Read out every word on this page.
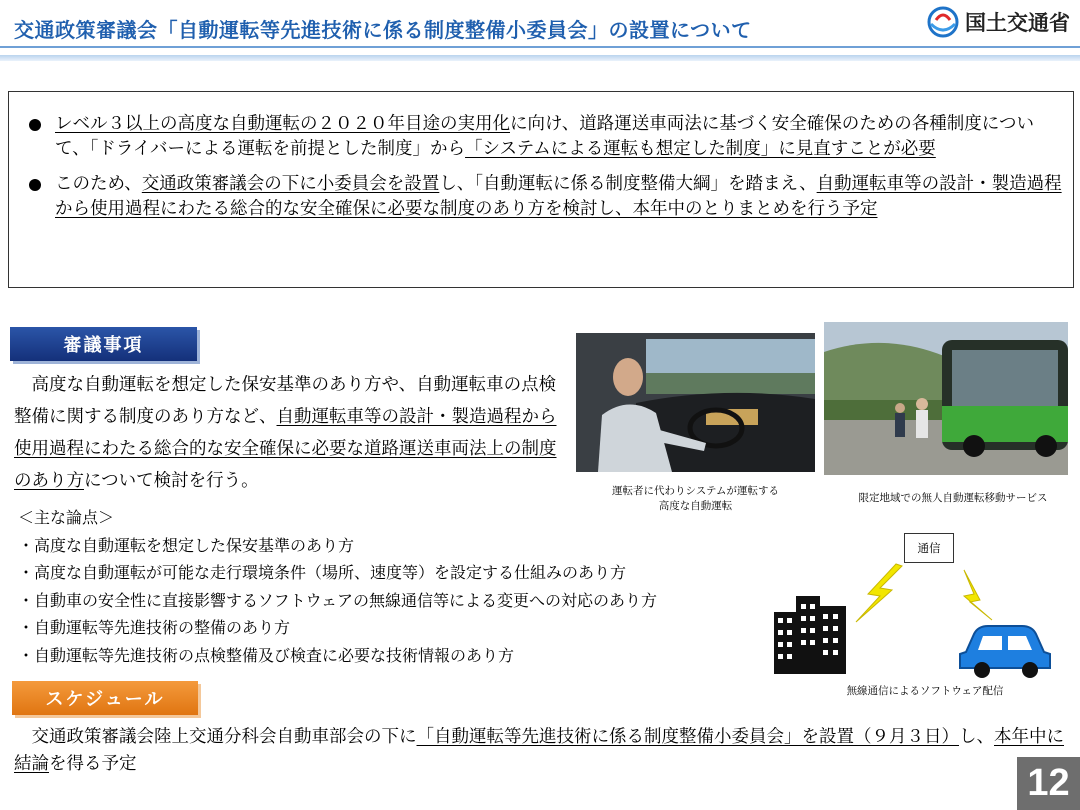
交通政策審議会「自動運転等先進技術に係る制度整備小委員会」の設置について	国土交通省
レベル３以上の高度な自動運転の２０２０年目途の実用化に向け、道路運送車両法に基づく安全確保のための各種制度について、「ドライバーによる運転を前提とした制度」から「システムによる運転も想定した制度」に見直すことが必要
このため、交通政策審議会の下に小委員会を設置し、「自動運転に係る制度整備大綱」を踏まえ、自動運転車等の設計・製造過程から使用過程にわたる総合的な安全確保に必要な制度のあり方を検討し、本年中のとりまとめを行う予定
審議事項
　高度な自動運転を想定した保安基準のあり方や、自動運転車の点検整備に関する制度のあり方など、自動運転車等の設計・製造過程から使用過程にわたる総合的な安全確保に必要な道路運送車両法上の制度のあり方について検討を行う。
＜主な論点＞
・高度な自動運転を想定した保安基準のあり方
・高度な自動運転が可能な走行環境条件（場所、速度等）を設定する仕組みのあり方
・自動車の安全性に直接影響するソフトウェアの無線通信等による変更への対応のあり方
・自動運転等先進技術の整備のあり方
・自動運転等先進技術の点検整備及び検査に必要な技術情報のあり方
運転者に代わりシステムが運転する
高度な自動運転
限定地域での無人自動運転移動サービス
通信
無線通信によるソフトウェア配信
スケジュール
　交通政策審議会陸上交通分科会自動車部会の下に「自動運転等先進技術に係る制度整備小委員会」を設置（９月３日）し、本年中に結論を得る予定	12
